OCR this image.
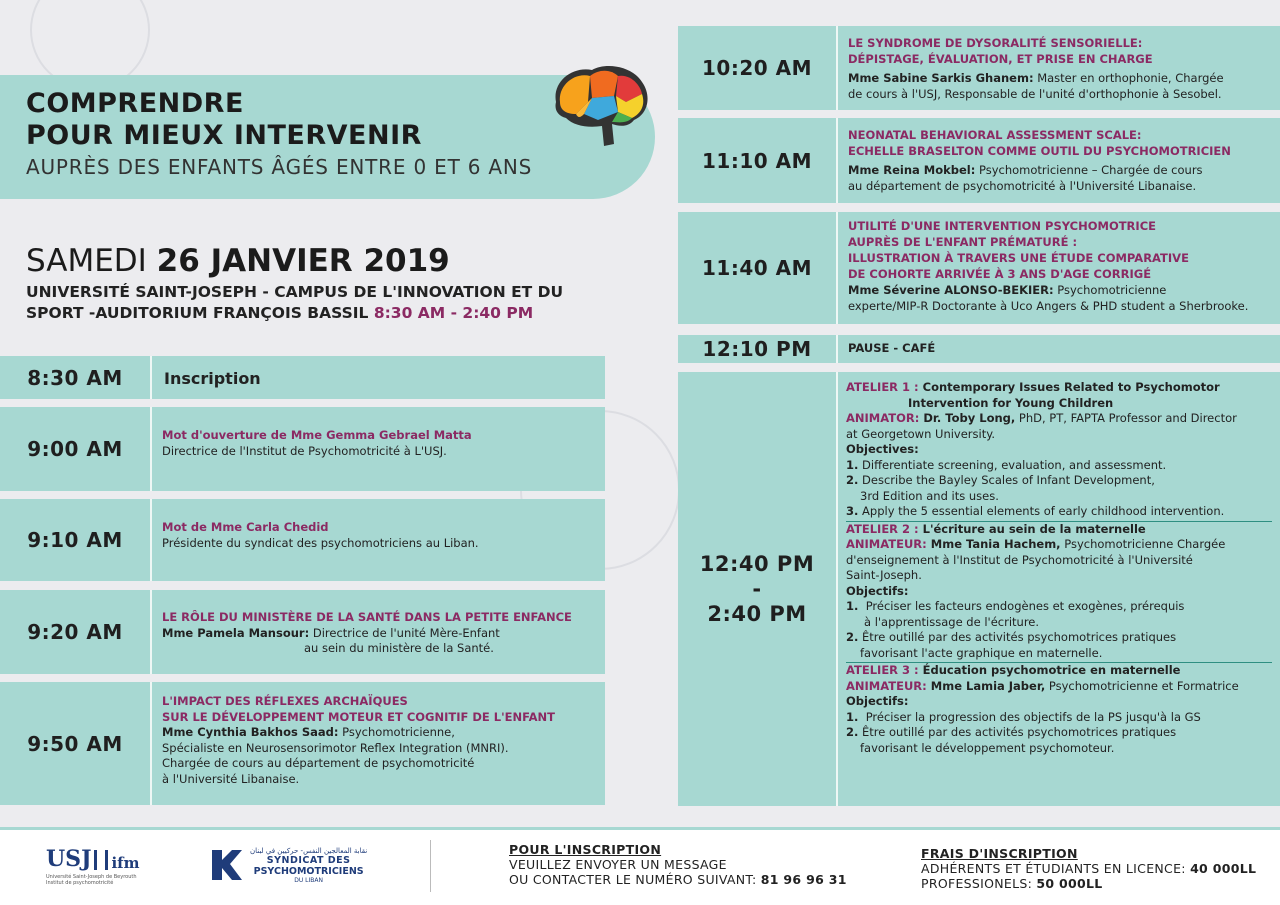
COMPRENDRE
POUR MIEUX INTERVENIR
AUPRÈS DES ENFANTS ÂGÉS ENTRE 0 ET 6 ANS
SAMEDI 26 JANVIER 2019
UNIVERSITÉ SAINT-JOSEPH - CAMPUS DE L'INNOVATION ET DU
SPORT -AUDITORIUM FRANÇOIS BASSIL 8:30 AM - 2:40 PM
8:30 AM	Inscription
9:00 AM
Mot d'ouverture de Mme Gemma Gebrael Matta
Directrice de l'Institut de Psychomotricité à L'USJ.
9:10 AM
Mot de Mme Carla Chedid
Présidente du syndicat des psychomotriciens au Liban.
9:20 AM
LE RÔLE DU MINISTÈRE DE LA SANTÉ DANS LA PETITE ENFANCE
Mme Pamela Mansour: Directrice de l'unité Mère-Enfant
au sein du ministère de la Santé.
9:50 AM
L'IMPACT DES RÉFLEXES ARCHAÏQUES
SUR LE DÉVELOPPEMENT MOTEUR ET COGNITIF DE L'ENFANT
Mme Cynthia Bakhos Saad: Psychomotricienne,
Spécialiste en Neurosensorimotor Reflex Integration (MNRI).
Chargée de cours au département de psychomotricité
à l'Université Libanaise.
10:20 AM
LE SYNDROME DE DYSORALITÉ SENSORIELLE:
DÉPISTAGE, ÉVALUATION, ET PRISE EN CHARGE
Mme Sabine Sarkis Ghanem: Master en orthophonie, Chargée
de cours à l'USJ, Responsable de l'unité d'orthophonie à Sesobel.
11:10 AM
NEONATAL BEHAVIORAL ASSESSMENT SCALE:
ECHELLE BRASELTON COMME OUTIL DU PSYCHOMOTRICIEN
Mme Reina Mokbel: Psychomotricienne – Chargée de cours
au département de psychomotricité à l'Université Libanaise.
11:40 AM
UTILITÉ D'UNE INTERVENTION PSYCHOMOTRICE
AUPRÈS DE L'ENFANT PRÉMATURÉ :
ILLUSTRATION À TRAVERS UNE ÉTUDE COMPARATIVE
DE COHORTE ARRIVÉE À 3 ANS D'AGE CORRIGÉ
Mme Séverine ALONSO-BEKIER: Psychomotricienne
experte/MIP-R Doctorante à Uco Angers & PHD student a Sherbrooke.
12:10 PM	PAUSE - CAFÉ
12:40 PM
-
2:40 PM
ATELIER 1 : Contemporary Issues Related to Psychomotor
Intervention for Young Children
ANIMATOR: Dr. Toby Long, PhD, PT, FAPTA Professor and Director
at Georgetown University.
Objectives:
1. Differentiate screening, evaluation, and assessment.
2. Describe the Bayley Scales of Infant Development,
3rd Edition and its uses.
3. Apply the 5 essential elements of early childhood intervention.
ATELIER 2 : L'écriture au sein de la maternelle
ANIMATEUR: Mme Tania Hachem, Psychomotricienne Chargée
d'enseignement à l'Institut de Psychomotricité à l'Université
Saint-Joseph.
Objectifs:
1. Préciser les facteurs endogènes et exogènes, prérequis
à l'apprentissage de l'écriture.
2. Être outillé par des activités psychomotrices pratiques
favorisant l'acte graphique en maternelle.
ATELIER 3 : Éducation psychomotrice en maternelle
ANIMATEUR: Mme Lamia Jaber, Psychomotricienne et Formatrice
Objectifs:
1. Préciser la progression des objectifs de la PS jusqu'à la GS
2. Être outillé par des activités psychomotrices pratiques
favorisant le développement psychomoteur.
USJ ifm
Université Saint-Joseph de Beyrouth
Institut de psychomotricité
نقابة المعالجين النفس- حركيين في لبنان
SYNDICAT DES
PSYCHOMOTRICIENS
DU LIBAN
POUR L'INSCRIPTION
VEUILLEZ ENVOYER UN MESSAGE
OU CONTACTER LE NUMÉRO SUIVANT: 81 96 96 31
FRAIS D'INSCRIPTION
ADHÉRENTS ET ÉTUDIANTS EN LICENCE: 40 000LL
PROFESSIONELS: 50 000LL
